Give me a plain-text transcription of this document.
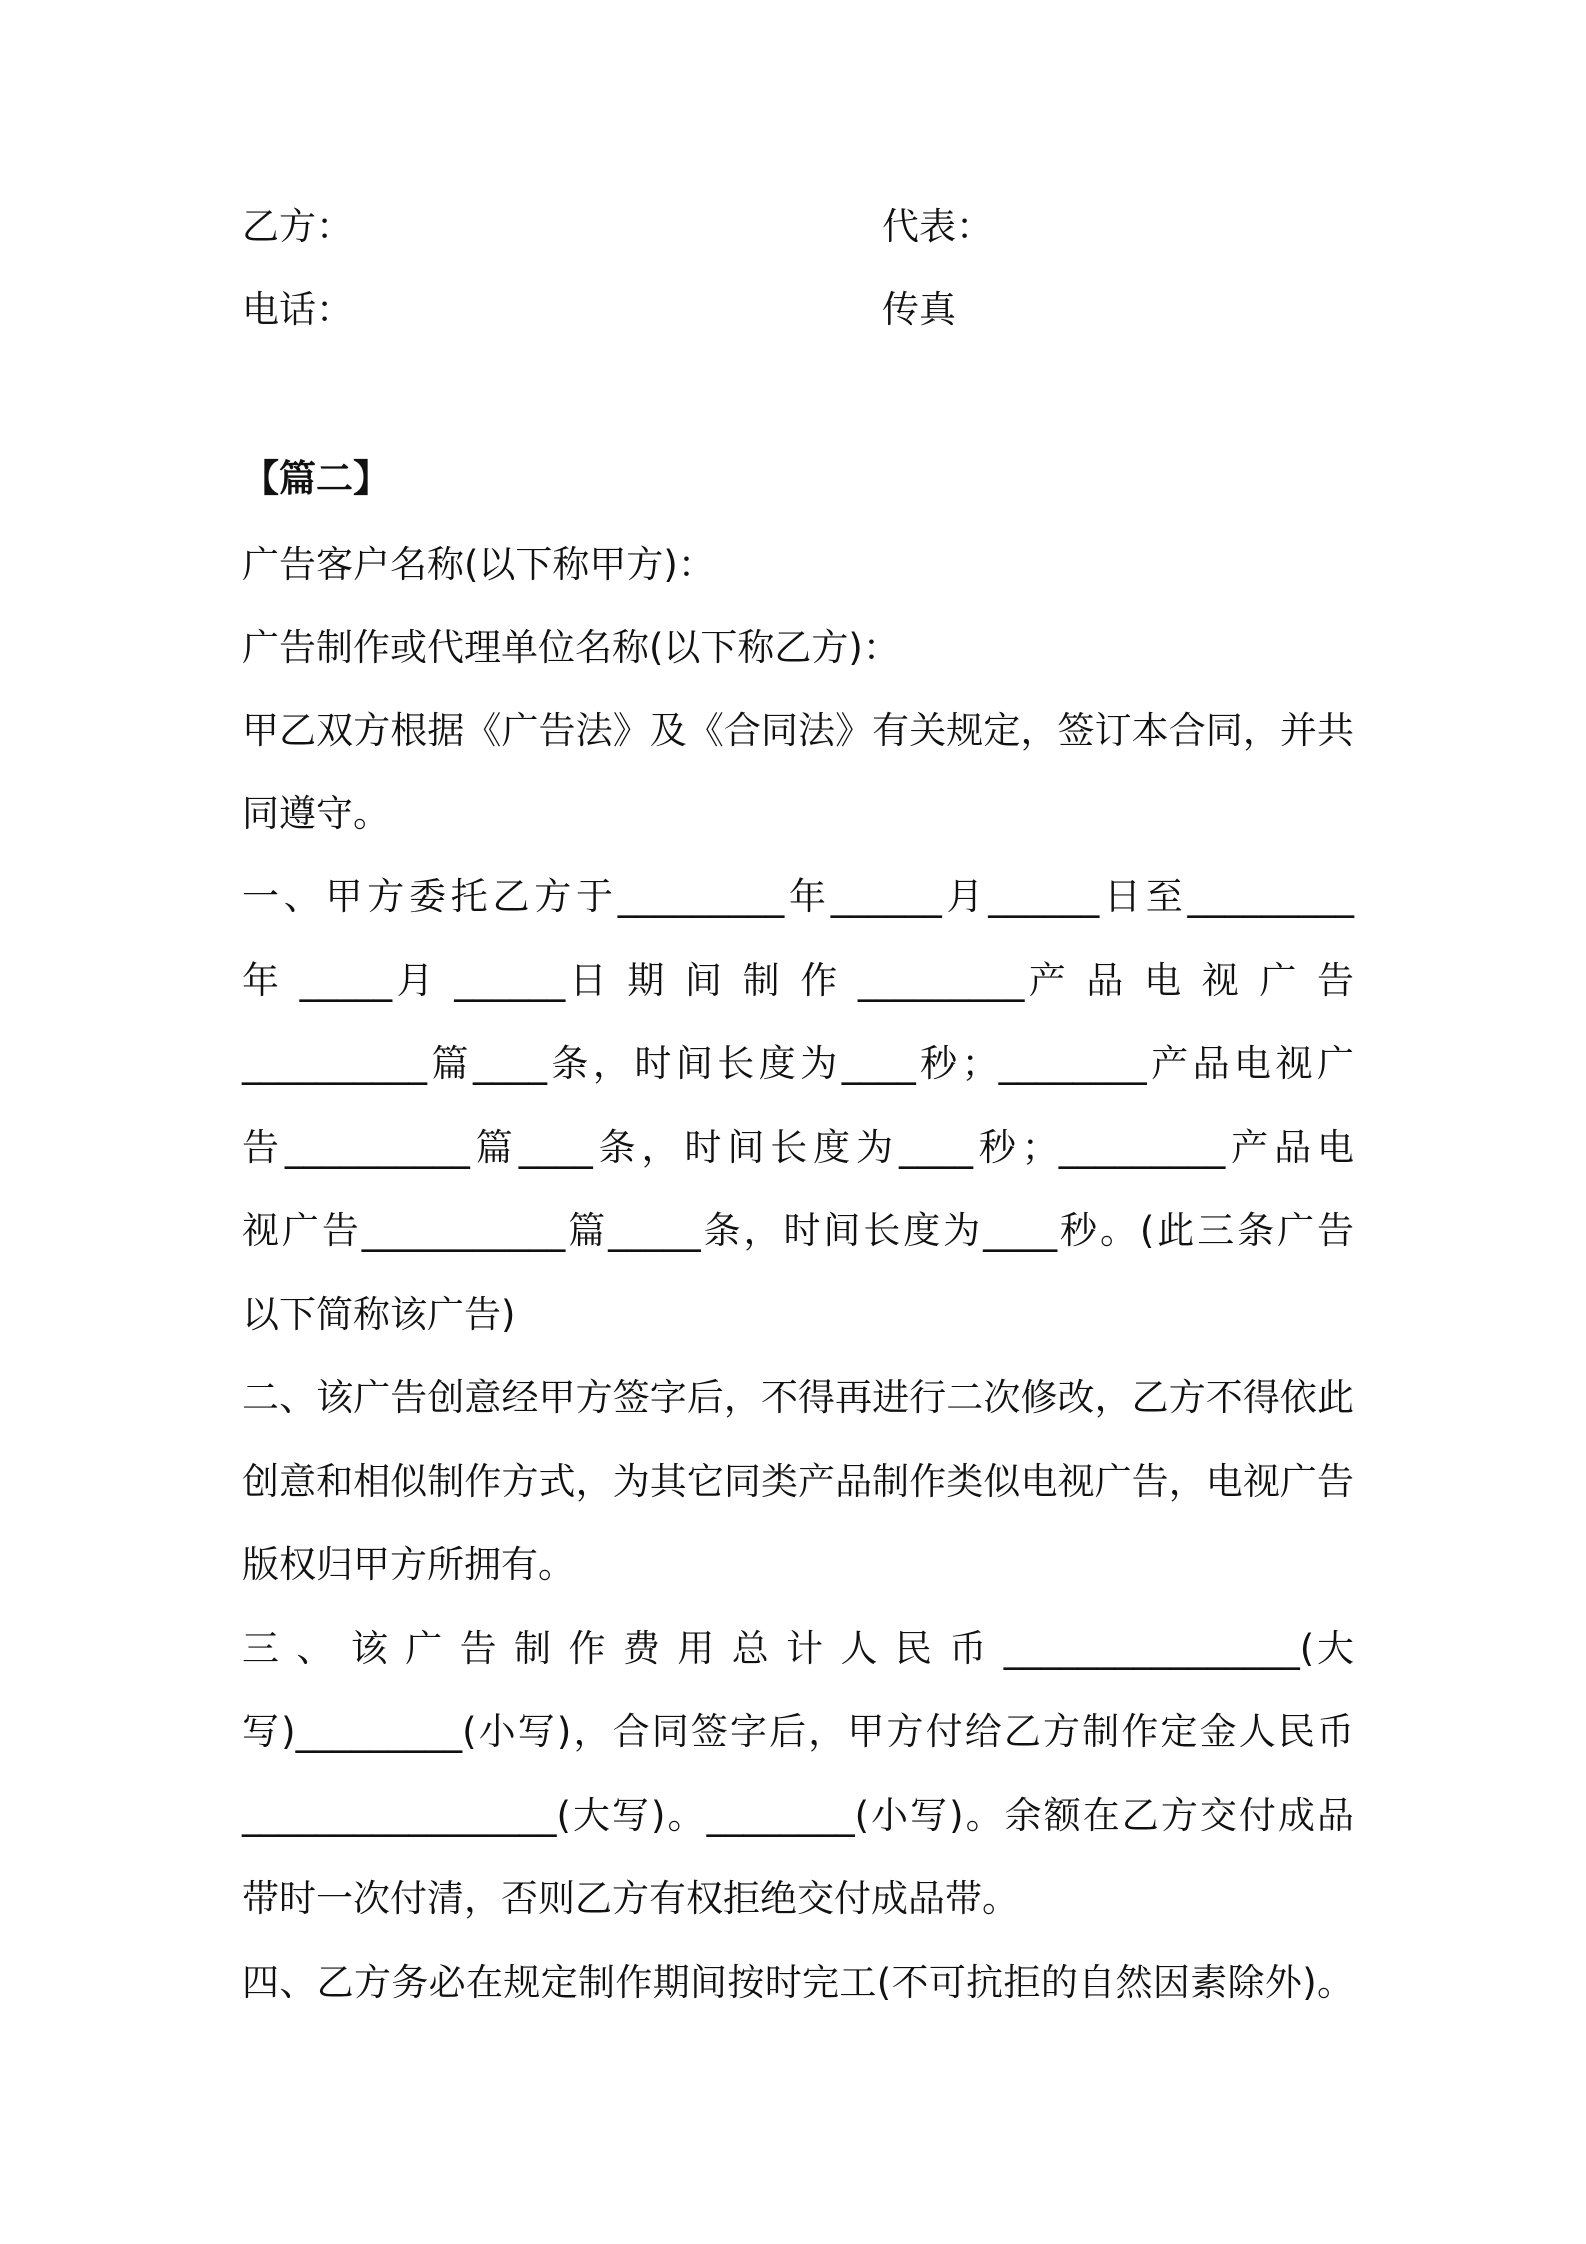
乙方：	代表：
电话：	传真
【篇二】
广告客户名称(以下称甲方)：
广告制作或代理单位名称(以下称乙方)：
甲乙双方根据《广告法》及《合同法》有关规定，签订本合同，并共
同遵守。
一、甲方委托乙方于_________年______月______日至_________
年 _____月 ______日 期 间 制 作 _________产 品 电 视 广 告
__________篇____条，时间长度为____秒；________产品电视广
告__________篇____条，时间长度为____秒；_________产品电
视广告___________篇_____条，时间长度为____秒。(此三条广告
以下简称该广告)
二、该广告创意经甲方签字后，不得再进行二次修改，乙方不得依此
创意和相似制作方式，为其它同类产品制作类似电视广告，电视广告
版权归甲方所拥有。
三 、 该 广 告 制 作 费 用 总 计 人 民 币 ________________(大
写)_________(小写)，合同签字后，甲方付给乙方制作定金人民币
_________________(大写)。________(小写)。余额在乙方交付成品
带时一次付清，否则乙方有权拒绝交付成品带。
四、乙方务必在规定制作期间按时完工(不可抗拒的自然因素除外)。
